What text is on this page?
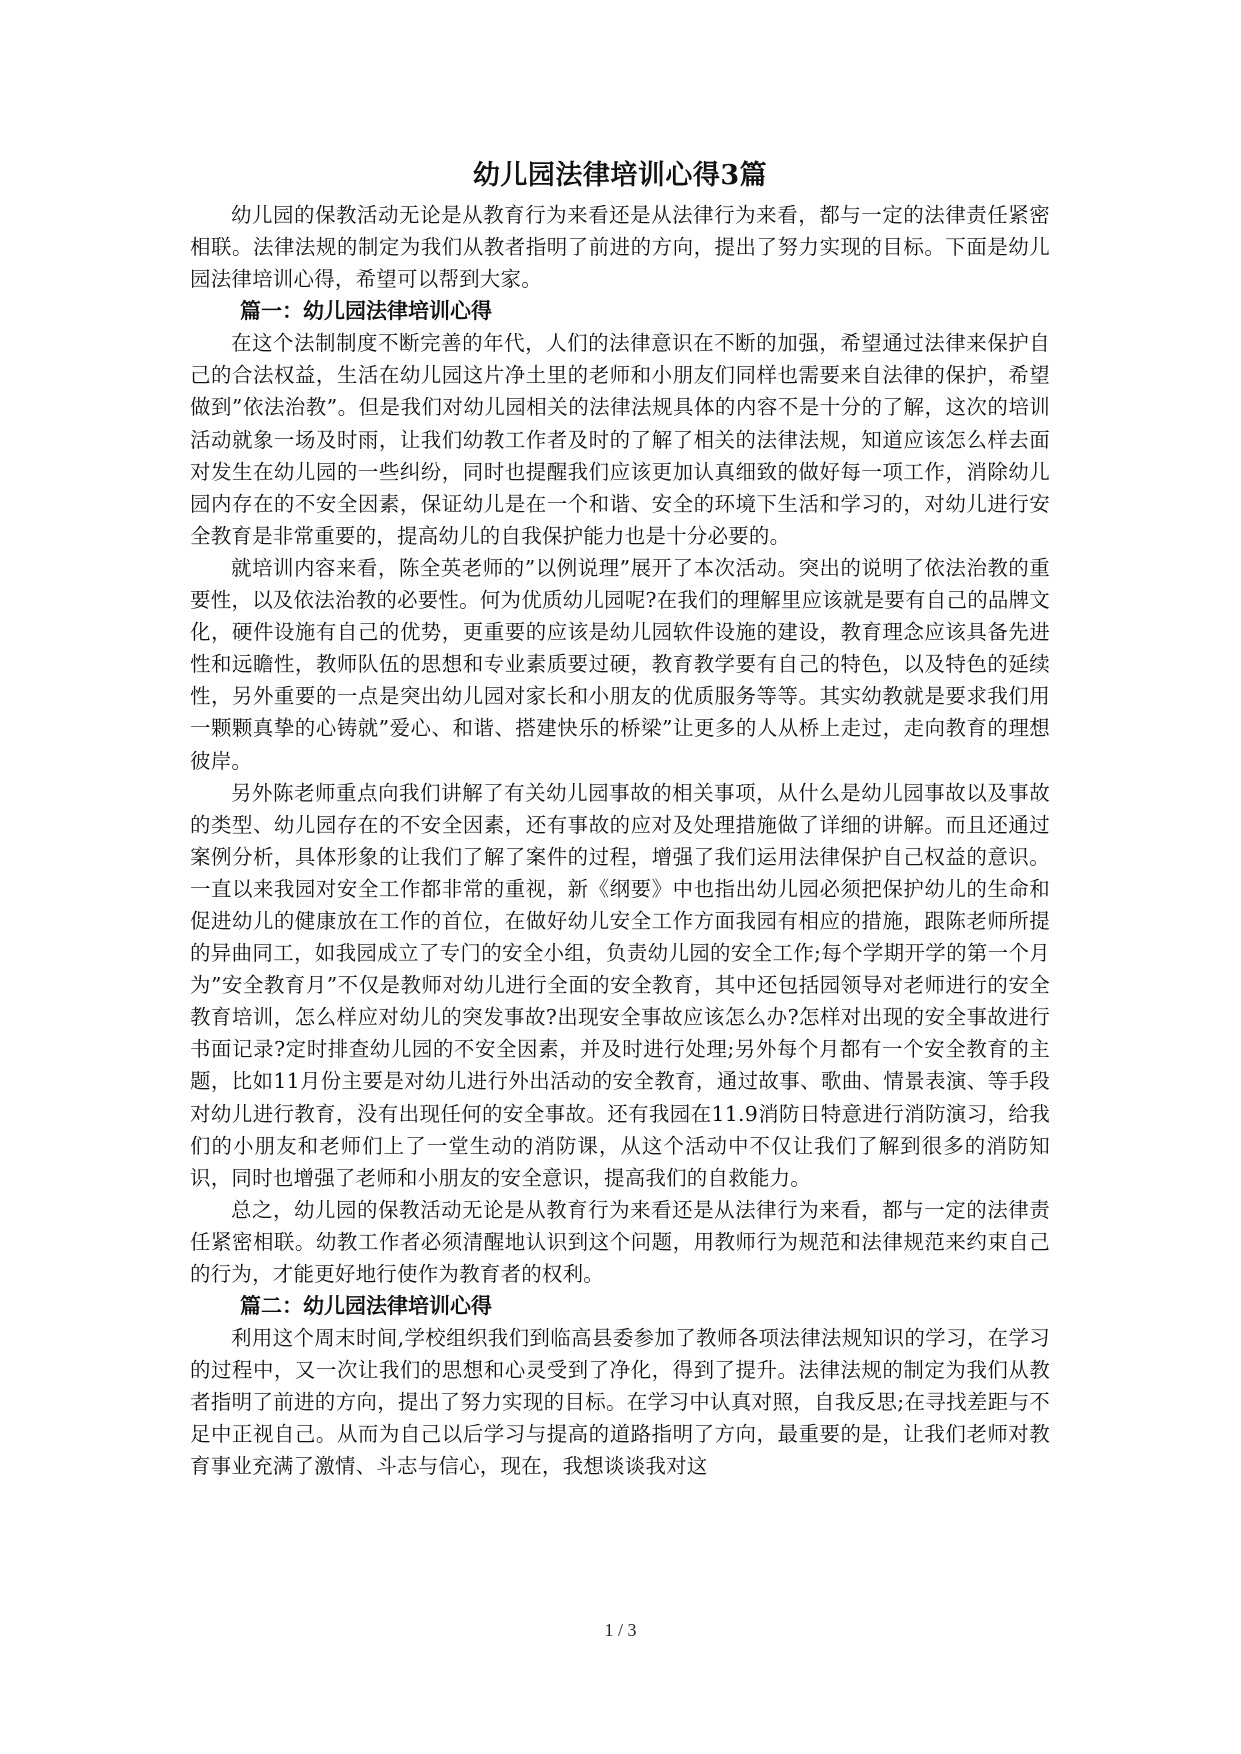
幼儿园法律培训心得3篇

幼儿园的保教活动无论是从教育行为来看还是从法律行为来看，都与一定的法律责任紧密相联。法律法规的制定为我们从教者指明了前进的方向，提出了努力实现的目标。下面是幼儿园法律培训心得，希望可以帮到大家。

篇一：幼儿园法律培训心得

在这个法制制度不断完善的年代，人们的法律意识在不断的加强，希望通过法律来保护自己的合法权益，生活在幼儿园这片净土里的老师和小朋友们同样也需要来自法律的保护，希望做到”依法治教”。但是我们对幼儿园相关的法律法规具体的内容不是十分的了解，这次的培训活动就象一场及时雨，让我们幼教工作者及时的了解了相关的法律法规，知道应该怎么样去面对发生在幼儿园的一些纠纷，同时也提醒我们应该更加认真细致的做好每一项工作，消除幼儿园内存在的不安全因素，保证幼儿是在一个和谐、安全的环境下生活和学习的，对幼儿进行安全教育是非常重要的，提高幼儿的自我保护能力也是十分必要的。

就培训内容来看，陈全英老师的”以例说理”展开了本次活动。突出的说明了依法治教的重要性，以及依法治教的必要性。何为优质幼儿园呢?在我们的理解里应该就是要有自己的品牌文化，硬件设施有自己的优势，更重要的应该是幼儿园软件设施的建设，教育理念应该具备先进性和远瞻性，教师队伍的思想和专业素质要过硬，教育教学要有自己的特色，以及特色的延续性，另外重要的一点是突出幼儿园对家长和小朋友的优质服务等等。其实幼教就是要求我们用一颗颗真挚的心铸就”爱心、和谐、搭建快乐的桥梁”让更多的人从桥上走过，走向教育的理想彼岸。

另外陈老师重点向我们讲解了有关幼儿园事故的相关事项，从什么是幼儿园事故以及事故的类型、幼儿园存在的不安全因素，还有事故的应对及处理措施做了详细的讲解。而且还通过案例分析，具体形象的让我们了解了案件的过程，增强了我们运用法律保护自己权益的意识。一直以来我园对安全工作都非常的重视，新《纲要》中也指出幼儿园必须把保护幼儿的生命和促进幼儿的健康放在工作的首位，在做好幼儿安全工作方面我园有相应的措施，跟陈老师所提的异曲同工，如我园成立了专门的安全小组，负责幼儿园的安全工作;每个学期开学的第一个月为”安全教育月”不仅是教师对幼儿进行全面的安全教育，其中还包括园领导对老师进行的安全教育培训，怎么样应对幼儿的突发事故?出现安全事故应该怎么办?怎样对出现的安全事故进行书面记录?定时排查幼儿园的不安全因素，并及时进行处理;另外每个月都有一个安全教育的主题，比如11月份主要是对幼儿进行外出活动的安全教育，通过故事、歌曲、情景表演、等手段对幼儿进行教育，没有出现任何的安全事故。还有我园在11.9消防日特意进行消防演习，给我们的小朋友和老师们上了一堂生动的消防课，从这个活动中不仅让我们了解到很多的消防知识，同时也增强了老师和小朋友的安全意识，提高我们的自救能力。

总之，幼儿园的保教活动无论是从教育行为来看还是从法律行为来看，都与一定的法律责任紧密相联。幼教工作者必须清醒地认识到这个问题，用教师行为规范和法律规范来约束自己的行为，才能更好地行使作为教育者的权利。

篇二：幼儿园法律培训心得

利用这个周末时间,学校组织我们到临高县委参加了教师各项法律法规知识的学习，在学习的过程中，又一次让我们的思想和心灵受到了净化，得到了提升。法律法规的制定为我们从教者指明了前进的方向，提出了努力实现的目标。在学习中认真对照，自我反思;在寻找差距与不足中正视自己。从而为自己以后学习与提高的道路指明了方向，最重要的是，让我们老师对教育事业充满了激情、斗志与信心，现在，我想谈谈我对这

1 / 3
